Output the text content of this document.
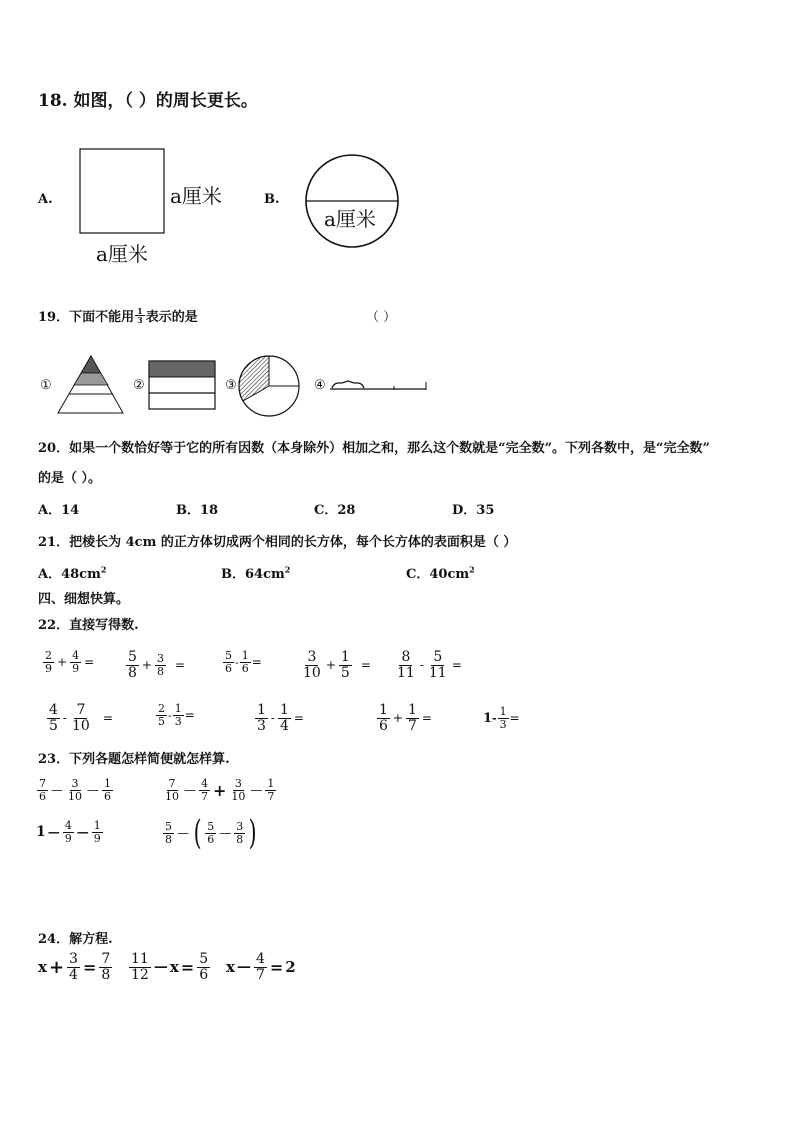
18. 如图，（ ）的周长更长。
A.	a厘米
a厘米
B.
a厘米
19． 下面不能用 $\frac{1}{3}$ 表示的是	（ ）
①	②	③	④
20．如果一个数恰好等于它的所有因数（本身除外）相加之和，那么这个数就是“完全数”。下列各数中，是“完全数”
的是（ ）。
A．14	B．18	C．28	D．35
21．把棱长为 4cm 的正方体切成两个相同的长方体，每个长方体的表面积是（ ）
A．$48cm^2$	B．$64cm^2$	C．$40cm^2$
四、细想快算。
22．直接写得数.
$\frac{2}{9} + \frac{4}{9} = \frac{5}{8} + \frac{3}{8}$ =	$\frac{5}{6} - \frac{1}{6}$ =	$\frac{3}{10} + \frac{1}{5} = \frac{8}{11} - \frac{5}{11}$ =
$\frac{4}{5} - \frac{7}{10}$ =	$\frac{2}{5} - \frac{1}{3}$ =	$\frac{1}{3} - \frac{1}{4}$ =	$\frac{1}{6} + \frac{1}{7}$ =	$1 - \frac{1}{3}$ =
23．下列各题怎样简便就怎样算.
$\frac{7}{6}$ — $\frac{3}{10}$ — $\frac{1}{6}$	$\frac{7}{10}$ — $\frac{4}{7} + \frac{3}{10}$ — $\frac{1}{7}$
1 — $\frac{4}{9}$ — $\frac{1}{9}$	$\frac{5}{8}$ — ( $\frac{5}{6}$ — $\frac{3}{8}$ )
24．解方程.
$x + \frac{3}{4} = \frac{7}{8} \frac{11}{12}$ — $x = \frac{5}{6}$ x — $\frac{4}{7} = 2$
